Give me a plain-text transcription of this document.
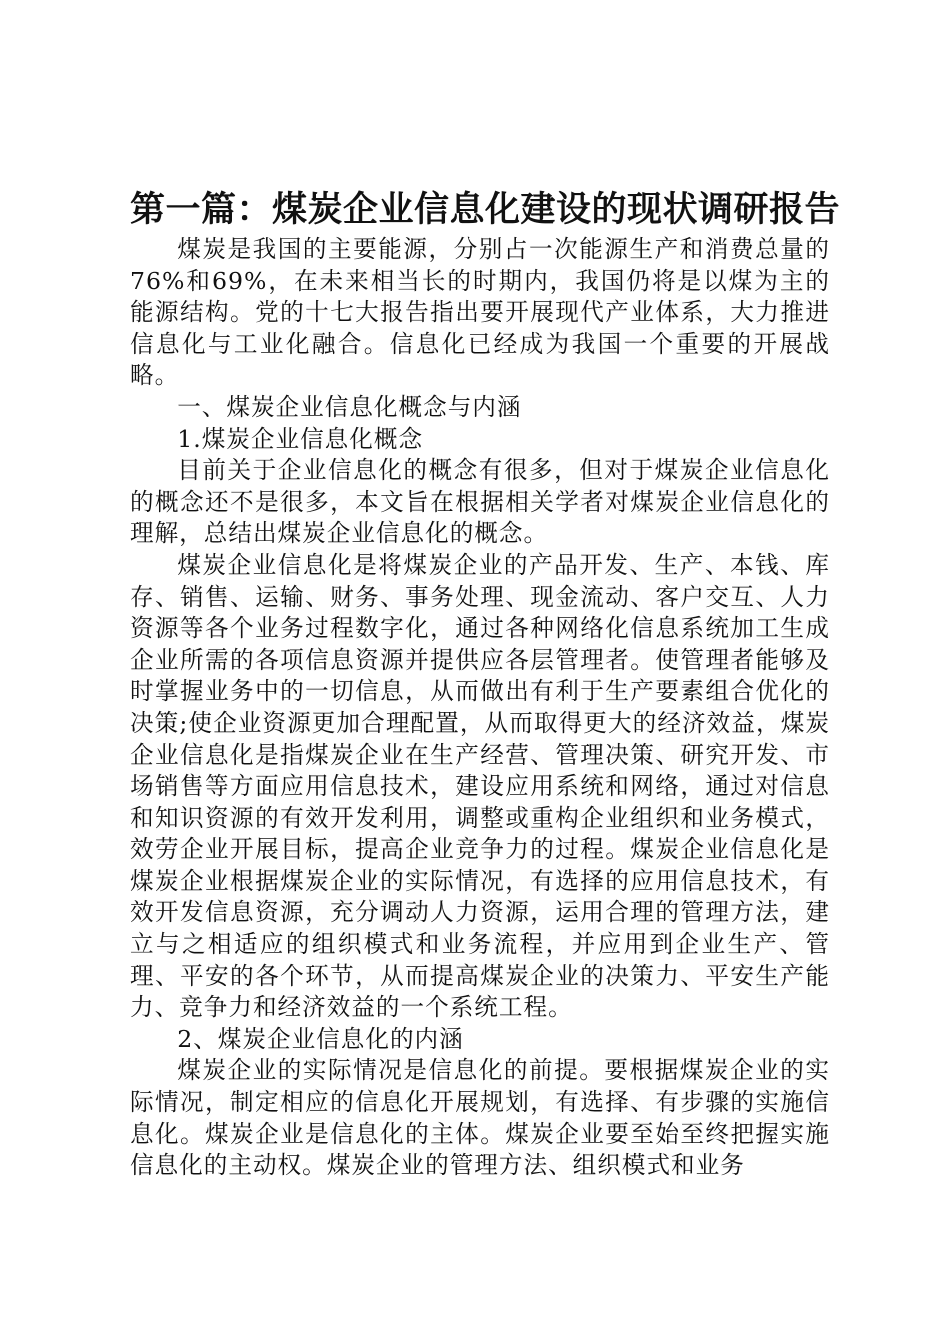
第一篇：煤炭企业信息化建设的现状调研报告

煤炭是我国的主要能源，分别占一次能源生产和消费总量的76%和69%，在未来相当长的时期内，我国仍将是以煤为主的能源结构。党的十七大报告指出要开展现代产业体系，大力推进信息化与工业化融合。信息化已经成为我国一个重要的开展战略。

一、煤炭企业信息化概念与内涵

1.煤炭企业信息化概念

目前关于企业信息化的概念有很多，但对于煤炭企业信息化的概念还不是很多，本文旨在根据相关学者对煤炭企业信息化的理解，总结出煤炭企业信息化的概念。

煤炭企业信息化是将煤炭企业的产品开发、生产、本钱、库存、销售、运输、财务、事务处理、现金流动、客户交互、人力资源等各个业务过程数字化，通过各种网络化信息系统加工生成企业所需的各项信息资源并提供应各层管理者。使管理者能够及时掌握业务中的一切信息，从而做出有利于生产要素组合优化的决策;使企业资源更加合理配置，从而取得更大的经济效益，煤炭企业信息化是指煤炭企业在生产经营、管理决策、研究开发、市场销售等方面应用信息技术，建设应用系统和网络，通过对信息和知识资源的有效开发利用，调整或重构企业组织和业务模式，效劳企业开展目标，提高企业竞争力的过程。煤炭企业信息化是煤炭企业根据煤炭企业的实际情况，有选择的应用信息技术，有效开发信息资源，充分调动人力资源，运用合理的管理方法，建立与之相适应的组织模式和业务流程，并应用到企业生产、管理、平安的各个环节，从而提高煤炭企业的决策力、平安生产能力、竞争力和经济效益的一个系统工程。

2、煤炭企业信息化的内涵

煤炭企业的实际情况是信息化的前提。要根据煤炭企业的实际情况，制定相应的信息化开展规划，有选择、有步骤的实施信息化。煤炭企业是信息化的主体。煤炭企业要至始至终把握实施信息化的主动权。煤炭企业的管理方法、组织模式和业务
